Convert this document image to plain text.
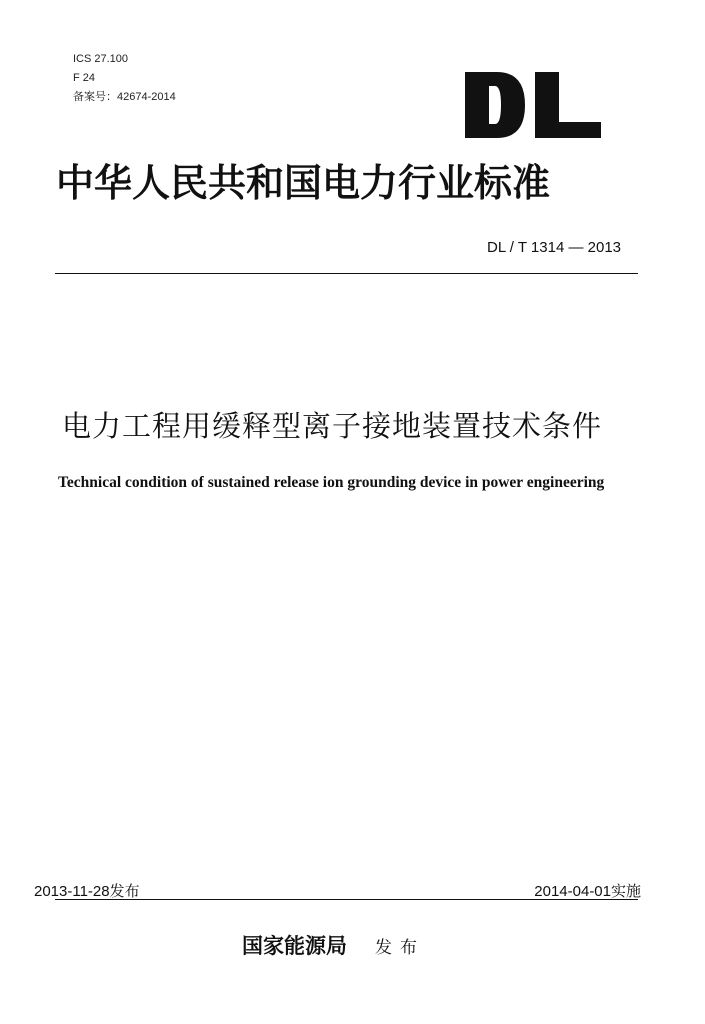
ICS 27.100
F 24
备案号：42674-2014
中华人民共和国电力行业标准
DL / T 1314 — 2013
电力工程用缓释型离子接地装置技术条件
Technical condition of sustained release ion grounding device in power engineering
2013-11-28发布	2014-04-01实施
国家能源局 发布
